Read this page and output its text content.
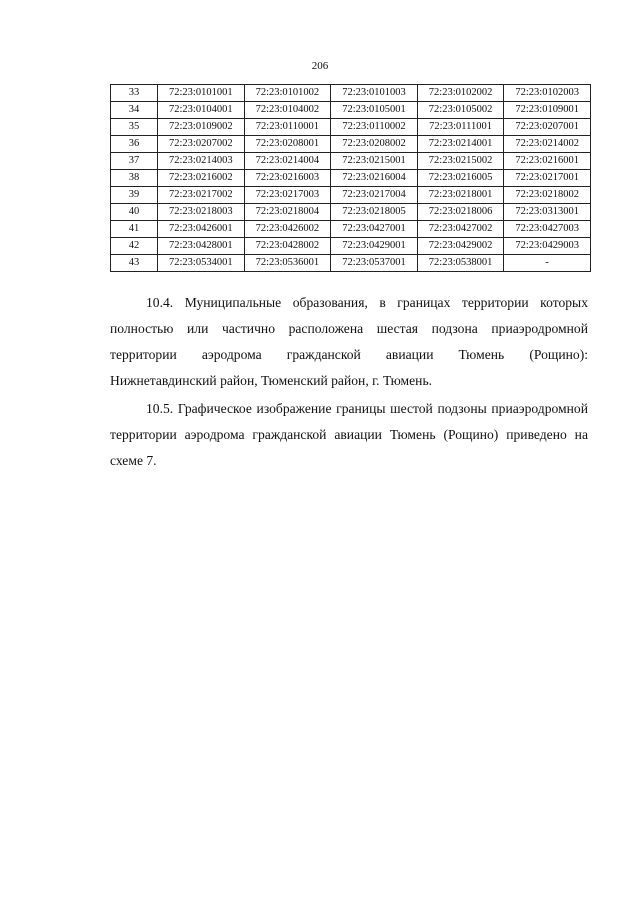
206
33	72:23:0101001	72:23:0101002	72:23:0101003	72:23:0102002	72:23:0102003
34	72:23:0104001	72:23:0104002	72:23:0105001	72:23:0105002	72:23:0109001
35	72:23:0109002	72:23:0110001	72:23:0110002	72:23:0111001	72:23:0207001
36	72:23:0207002	72:23:0208001	72:23:0208002	72:23:0214001	72:23:0214002
37	72:23:0214003	72:23:0214004	72:23:0215001	72:23:0215002	72:23:0216001
38	72:23:0216002	72:23:0216003	72:23:0216004	72:23:0216005	72:23:0217001
39	72:23:0217002	72:23:0217003	72:23:0217004	72:23:0218001	72:23:0218002
40	72:23:0218003	72:23:0218004	72:23:0218005	72:23:0218006	72:23:0313001
41	72:23:0426001	72:23:0426002	72:23:0427001	72:23:0427002	72:23:0427003
42	72:23:0428001	72:23:0428002	72:23:0429001	72:23:0429002	72:23:0429003
43	72:23:0534001	72:23:0536001	72:23:0537001	72:23:0538001	-

10.4. Муниципальные образования, в границах территории которых полностью или частично расположена шестая подзона приаэродромной территории аэродрома гражданской авиации Тюмень (Рощино): Нижнетавдинский район, Тюменский район, г. Тюмень.

10.5. Графическое изображение границы шестой подзоны приаэродромной территории аэродрома гражданской авиации Тюмень (Рощино) приведено на схеме 7.
